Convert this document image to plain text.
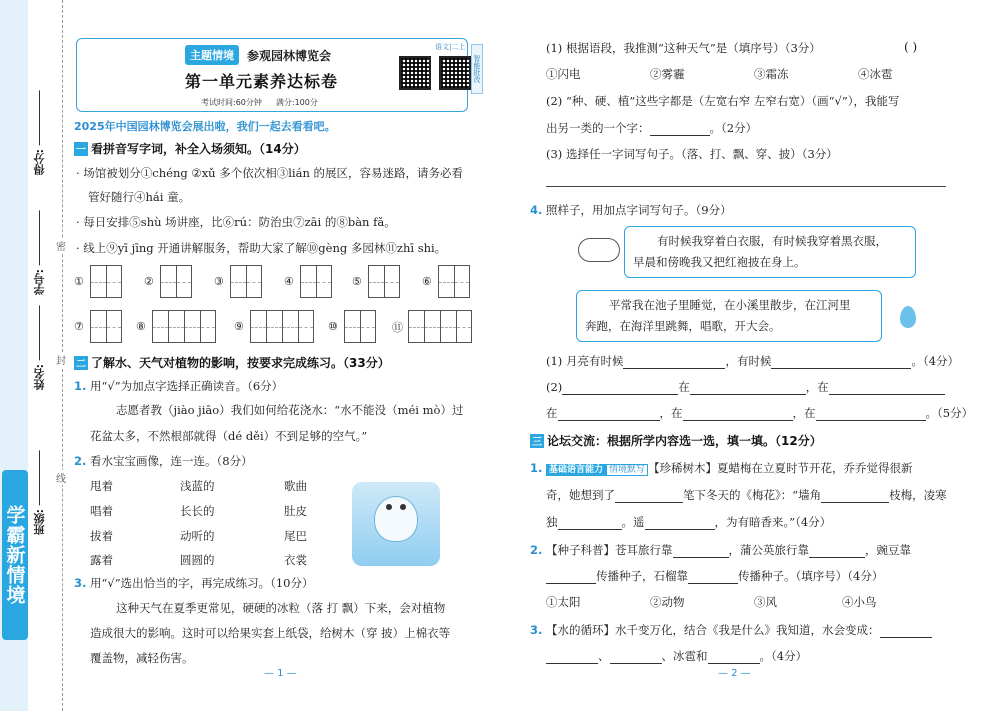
学霸新情境 班级:
姓名:
学号:
得分:
线
封
密
主题情境	参观园林博览会
第一单元素养达标卷
考试时间:60分钟 满分:100分
语文|二上
智能批改
2025年中国园林博览会展出啦，我们一起去看看吧。
一 看拼音写字词，补全入场须知。（14分）
· 场馆被划分①chéng ②xǔ 多个依次相③lián 的展区，容易迷路，请务必看
管好随行④hái 童。
· 每日安排⑤shù 场讲座，比⑥rú：防治虫⑦zāi 的⑧bàn fǎ。
· 线上⑨yī jīng 开通讲解服务，帮助大家了解⑩gèng 多园林⑪zhī shi。
①	②	③	④	⑤	⑥
⑦	⑧	⑨	⑩	⑪
二 了解水、天气对植物的影响，按要求完成练习。（33分）
1. 用“√”为加点字选择正确读音。（6分）
志愿者教（jiào jiāo）我们如何给花浇水：“水不能没（méi mò）过
花盆太多，不然根部就得（dé děi）不到足够的空气。”
2. 看水宝宝画像，连一连。（8分）
甩着
唱着
拔着
露着
浅蓝的
长长的
动听的
圆圆的
歌曲
肚皮
尾巴
衣裳
3. 用“√”选出恰当的字，再完成练习。（10分）
这种天气在夏季更常见，硬硬的冰粒（落 打 飘）下来，会对植物
造成很大的影响。这时可以给果实套上纸袋，给树木（穿 披）上棉衣等
覆盖物，减轻伤害。
— 1 —
(1) 根据语段，我推测“这种天气”是（填序号）（3分）	( )
①闪电	②雾霾	③霜冻	④冰雹
(2) “种、硬、植”这些字都是（左宽右窄 左窄右宽）（画“√”），我能写
出另一类的一个字：	。（2分）
(3) 选择任一字词写句子。（落、打、飘、穿、披）（3分）
4. 照样子，用加点字词写句子。（9分）
有时候我穿着白衣服，有时候我穿着黑衣服，
早晨和傍晚我又把红袍披在身上。
平常我在池子里睡觉，在小溪里散步，在江河里
奔跑，在海洋里跳舞，唱歌，开大会。
(1) 月亮有时候	，有时候	。（4分）
(2)	在	，在
在	，在	，在	。（5分）
三 论坛交流：根据所学内容选一选，填一填。（12分）
1. 基础语言能力 情境默写 【珍稀树木】夏蜡梅在立夏时节开花，乔乔觉得很新
奇，她想到了	笔下冬天的《梅花》：“墙角	枝梅，凌寒
独	。遥	，为有暗香来。”（4分）
2. 【种子科普】苍耳旅行靠	，蒲公英旅行靠	，豌豆靠
传播种子，石榴靠	传播种子。（填序号）（4分）
①太阳	②动物	③风	④小鸟
3. 【水的循环】水千变万化，结合《我是什么》我知道，水会变成：
、	、冰雹和	。（4分）
— 2 —
